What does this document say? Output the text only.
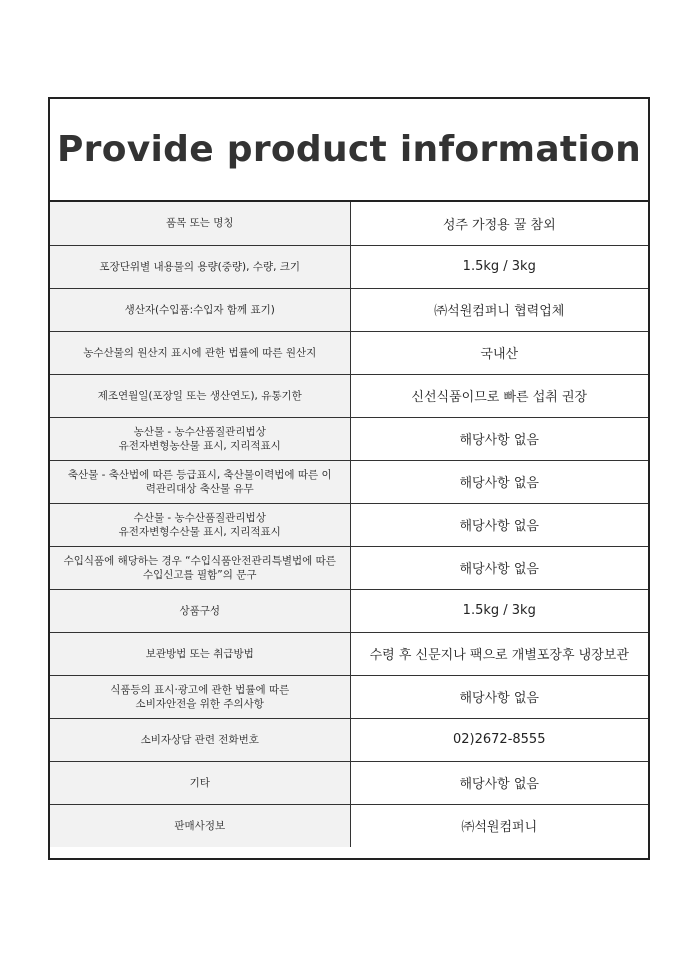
Provide product information
품목 또는 명칭	성주 가정용 꿀 참외
포장단위별 내용물의 용량(중량), 수량, 크기	1.5kg / 3kg
생산자(수입품:수입자 함께 표기)	㈜석원컴퍼니 협력업체
농수산물의 원산지 표시에 관한 법률에 따른 원산지	국내산
제조연월일(포장일 또는 생산연도), 유통기한	신선식품이므로 빠른 섭취 권장
농산물 - 농수산품질관리법상
유전자변형농산물 표시, 지리적표시	해당사항 없음
축산물 - 축산법에 따른 등급표시, 축산물이력법에 따른 이
력관리대상 축산물 유무	해당사항 없음
수산물 - 농수산품질관리법상
유전자변형수산물 표시, 지리적표시	해당사항 없음
수입식품에 해당하는 경우 “수입식품안전관리특별법에 따른
수입신고를 필함”의 문구	해당사항 없음
상품구성	1.5kg / 3kg
보관방법 또는 취급방법	수령 후 신문지나 팩으로 개별포장후 냉장보관
식품등의 표시·광고에 관한 법률에 따른
소비자안전을 위한 주의사항	해당사항 없음
소비자상담 관련 전화번호	02)2672-8555
기타	해당사항 없음
판매사정보	㈜석원컴퍼니
